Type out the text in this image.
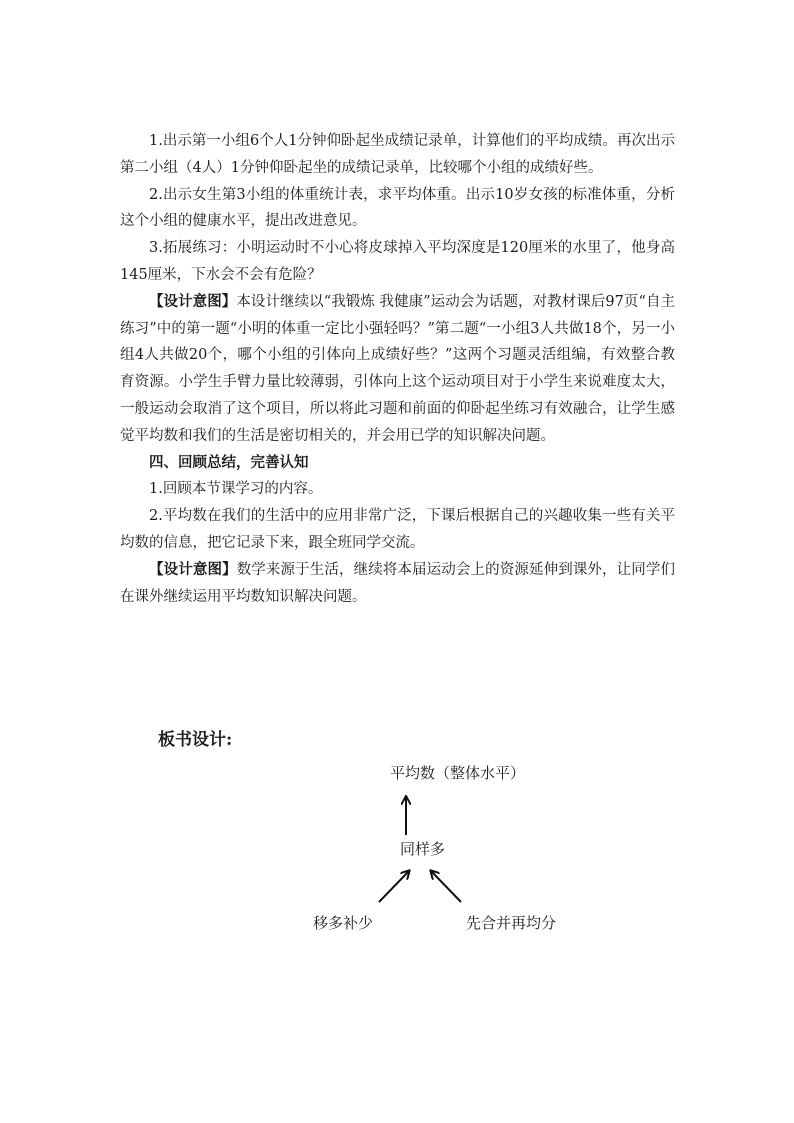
1.出示第一小组6个人1分钟仰卧起坐成绩记录单，计算他们的平均成绩。再次出示第二小组（4人）1分钟仰卧起坐的成绩记录单，比较哪个小组的成绩好些。

2.出示女生第3小组的体重统计表，求平均体重。出示10岁女孩的标准体重，分析这个小组的健康水平，提出改进意见。

3.拓展练习：小明运动时不小心将皮球掉入平均深度是120厘米的水里了，他身高145厘米，下水会不会有危险？

【设计意图】本设计继续以“我锻炼 我健康”运动会为话题，对教材课后97页“自主练习”中的第一题“小明的体重一定比小强轻吗？”第二题“一小组3人共做18个，另一小组4人共做20个，哪个小组的引体向上成绩好些？”这两个习题灵活组编，有效整合教育资源。小学生手臂力量比较薄弱，引体向上这个运动项目对于小学生来说难度太大，一般运动会取消了这个项目，所以将此习题和前面的仰卧起坐练习有效融合，让学生感觉平均数和我们的生活是密切相关的，并会用已学的知识解决问题。

四、回顾总结，完善认知

1.回顾本节课学习的内容。

2.平均数在我们的生活中的应用非常广泛，下课后根据自己的兴趣收集一些有关平均数的信息，把它记录下来，跟全班同学交流。

【设计意图】数学来源于生活，继续将本届运动会上的资源延伸到课外，让同学们在课外继续运用平均数知识解决问题。

板书设计:

平均数（整体水平）
同样多
移多补少	先合并再均分
